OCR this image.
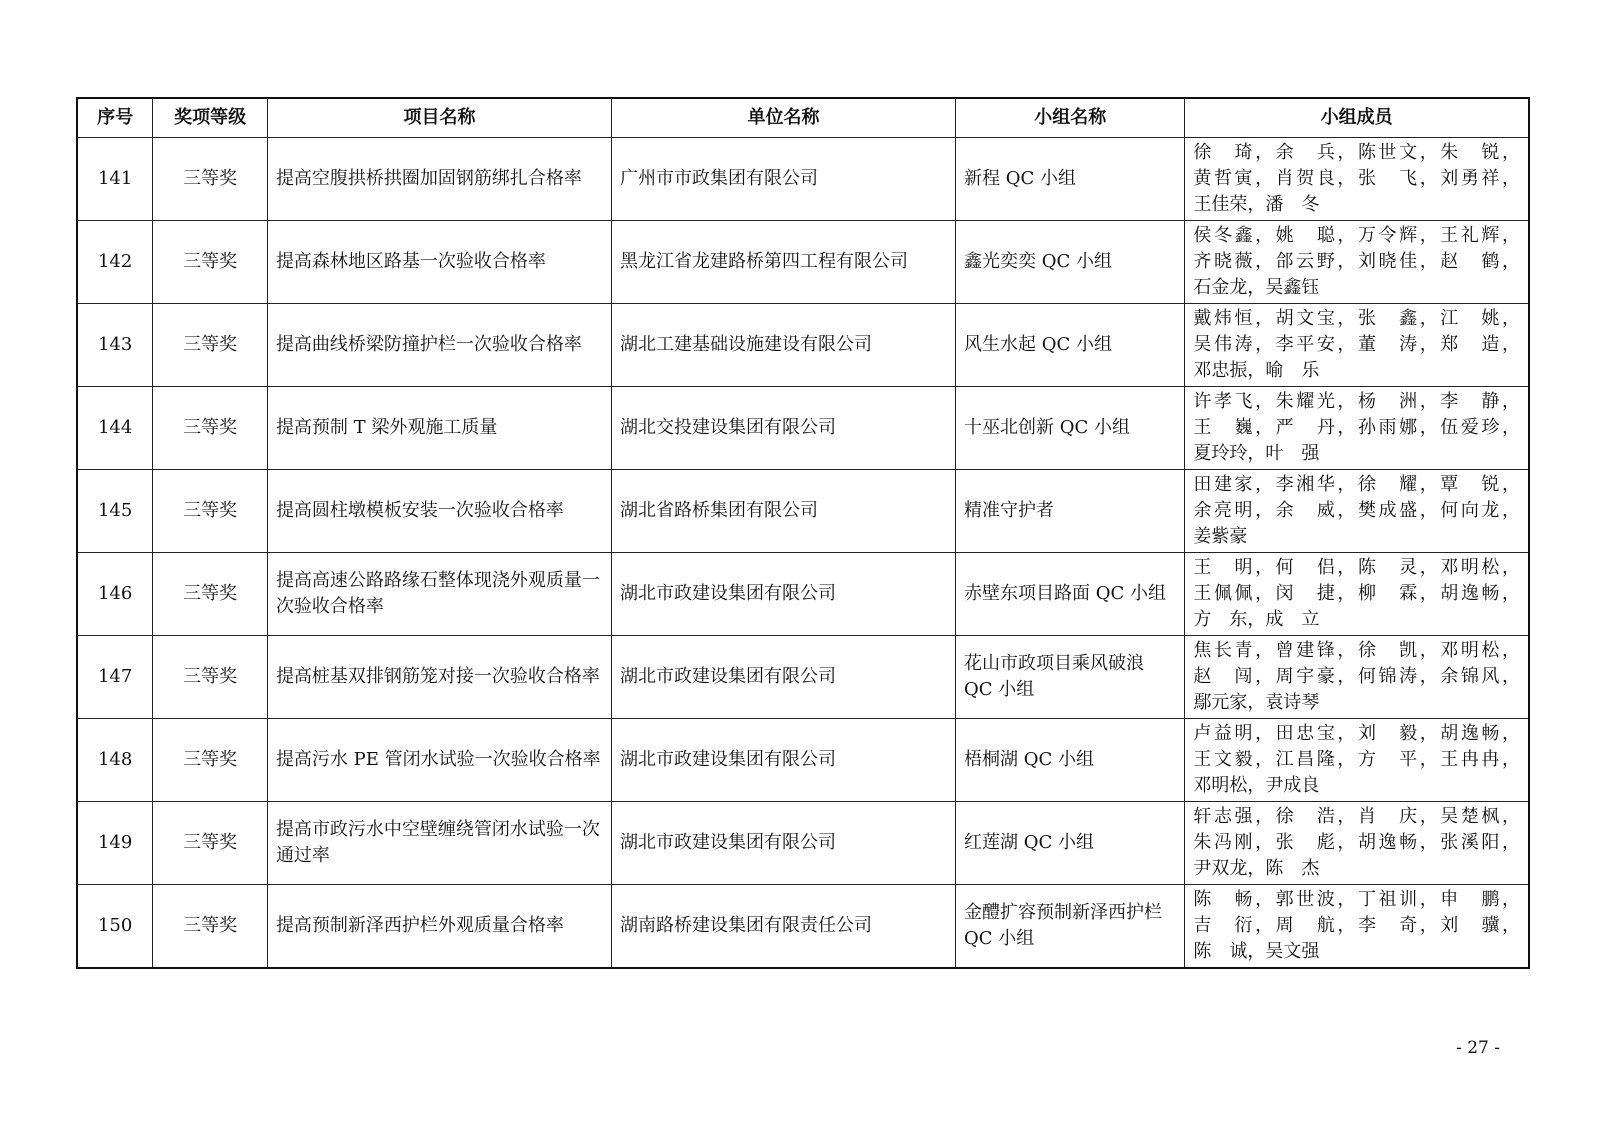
序号	奖项等级	项目名称	单位名称	小组名称	小组成员
141	三等奖	提高空腹拱桥拱圈加固钢筋绑扎合格率	广州市市政集团有限公司	新程 QC 小组	徐　琦，余　兵，陈世文，朱　锐，
黄哲寅，肖贺良，张　飞，刘勇祥，
王佳荣，潘　冬

142	三等奖	提高森林地区路基一次验收合格率	黑龙江省龙建路桥第四工程有限公司	鑫光奕奕 QC 小组	侯冬鑫，姚　聪，万令辉，王礼辉，
齐晓薇，郃云野，刘晓佳，赵　鹤，
石金龙，吴鑫钰

143	三等奖	提高曲线桥梁防撞护栏一次验收合格率	湖北工建基础设施建设有限公司	风生水起 QC 小组	戴炜恒，胡文宝，张　鑫，江　姚，
吴伟涛，李平安，董　涛，郑　造，
邓忠振，喻　乐

144	三等奖	提高预制 T 梁外观施工质量	湖北交投建设集团有限公司	十巫北创新 QC 小组	许孝飞，朱耀光，杨　洲，李　静，
王　巍，严　丹，孙雨娜，伍爱珍，
夏玲玲，叶　强

145	三等奖	提高圆柱墩模板安装一次验收合格率	湖北省路桥集团有限公司	精准守护者	田建家，李湘华，徐　耀，覃　锐，
余亮明，余　威，樊成盛，何向龙，
姜紫豪

146	三等奖	提高高速公路路缘石整体现浇外观质量一次验收合格率	湖北市政建设集团有限公司	赤壁东项目路面 QC 小组	王　明，何　侣，陈　灵，邓明松，
王佩佩，闵　捷，柳　霖，胡逸畅，
方　东，成　立

147	三等奖	提高桩基双排钢筋笼对接一次验收合格率	湖北市政建设集团有限公司	花山市政项目乘风破浪 QC 小组	焦长青，曾建锋，徐　凯，邓明松，
赵　闯，周宇豪，何锦涛，余锦风，
鄢元家，袁诗琴

148	三等奖	提高污水 PE 管闭水试验一次验收合格率	湖北市政建设集团有限公司	梧桐湖 QC 小组	卢益明，田忠宝，刘　毅，胡逸畅，
王文毅，江昌隆，方　平，王冉冉，
邓明松，尹成良

149	三等奖	提高市政污水中空壁缠绕管闭水试验一次通过率	湖北市政建设集团有限公司	红莲湖 QC 小组	轩志强，徐　浩，肖　庆，吴楚枫，
朱冯刚，张　彪，胡逸畅，张溪阳，
尹双龙，陈　杰

150	三等奖	提高预制新泽西护栏外观质量合格率	湖南路桥建设集团有限责任公司	金醴扩容预制新泽西护栏 QC 小组	陈　畅，郭世波，丁祖训，申　鹏，
吉　衍，周　航，李　奇，刘　骥，
陈　诚，吴文强
- 27 -
